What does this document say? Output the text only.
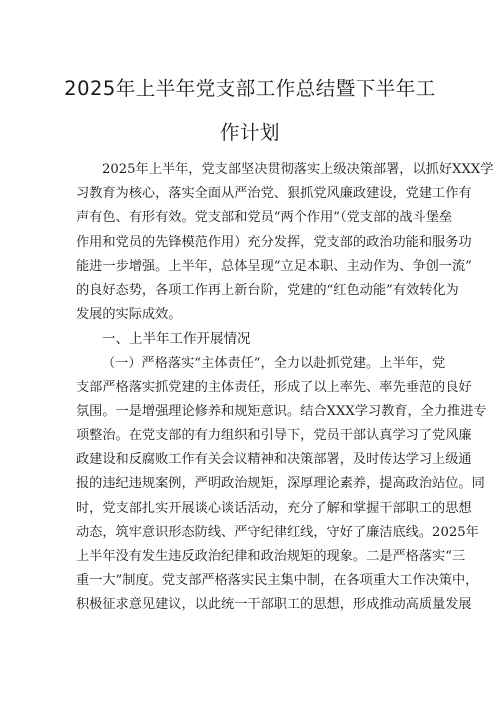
2025年上半年党支部工作总结暨下半年工
作计划
2025年上半年，党支部坚决贯彻落实上级决策部署，以抓好XXX学
习教育为核心，落实全面从严治党、狠抓党风廉政建设，党建工作有
声有色、有形有效。党支部和党员“两个作用”（党支部的战斗堡垒
作用和党员的先锋模范作用）充分发挥，党支部的政治功能和服务功
能进一步增强。上半年，总体呈现“立足本职、主动作为、争创一流”
的良好态势，各项工作再上新台阶，党建的“红色动能”有效转化为
发展的实际成效。
一、上半年工作开展情况
（一）严格落实“主体责任”，全力以赴抓党建。上半年，党
支部严格落实抓党建的主体责任，形成了以上率先、率先垂范的良好
氛围。一是增强理论修养和规矩意识。结合XXX学习教育，全力推进专
项整治。在党支部的有力组织和引导下，党员干部认真学习了党风廉
政建设和反腐败工作有关会议精神和决策部署，及时传达学习上级通
报的违纪违规案例，严明政治规矩，深厚理论素养，提高政治站位。同
时，党支部扎实开展谈心谈话活动，充分了解和掌握干部职工的思想
动态，筑牢意识形态防线、严守纪律红线，守好了廉洁底线。2025年
上半年没有发生违反政治纪律和政治规矩的现象。二是严格落实“三
重一大”制度。党支部严格落实民主集中制，在各项重大工作决策中，
积极征求意见建议，以此统一干部职工的思想，形成推动高质量发展
